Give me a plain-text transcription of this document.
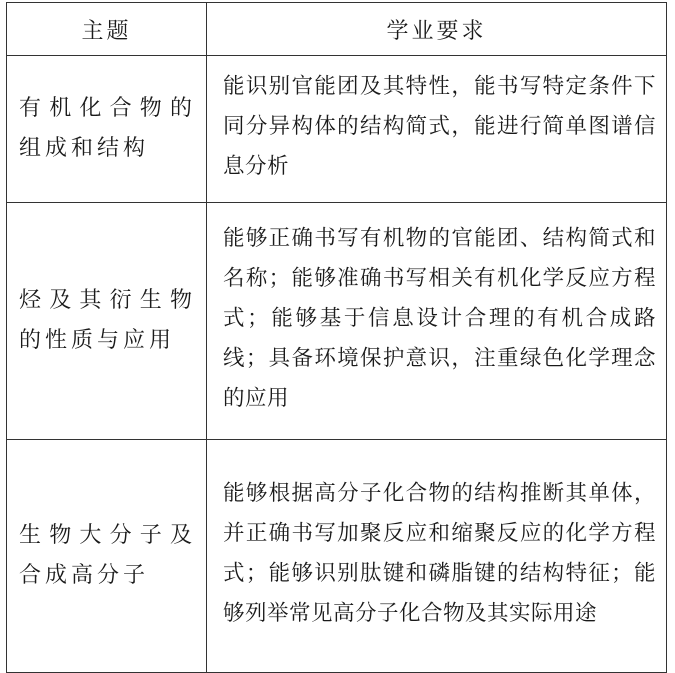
主题	学业要求
有机化合物的组成和结构	能识别官能团及其特性，能书写特定条件下同分异构体的结构简式，能进行简单图谱信息分析
烃及其衍生物的性质与应用	能够正确书写有机物的官能团、结构简式和名称；能够准确书写相关有机化学反应方程式；能够基于信息设计合理的有机合成路线；具备环境保护意识，注重绿色化学理念的应用
生物大分子及合成高分子	能够根据高分子化合物的结构推断其单体，并正确书写加聚反应和缩聚反应的化学方程式；能够识别肽键和磷脂键的结构特征；能够列举常见高分子化合物及其实际用途
